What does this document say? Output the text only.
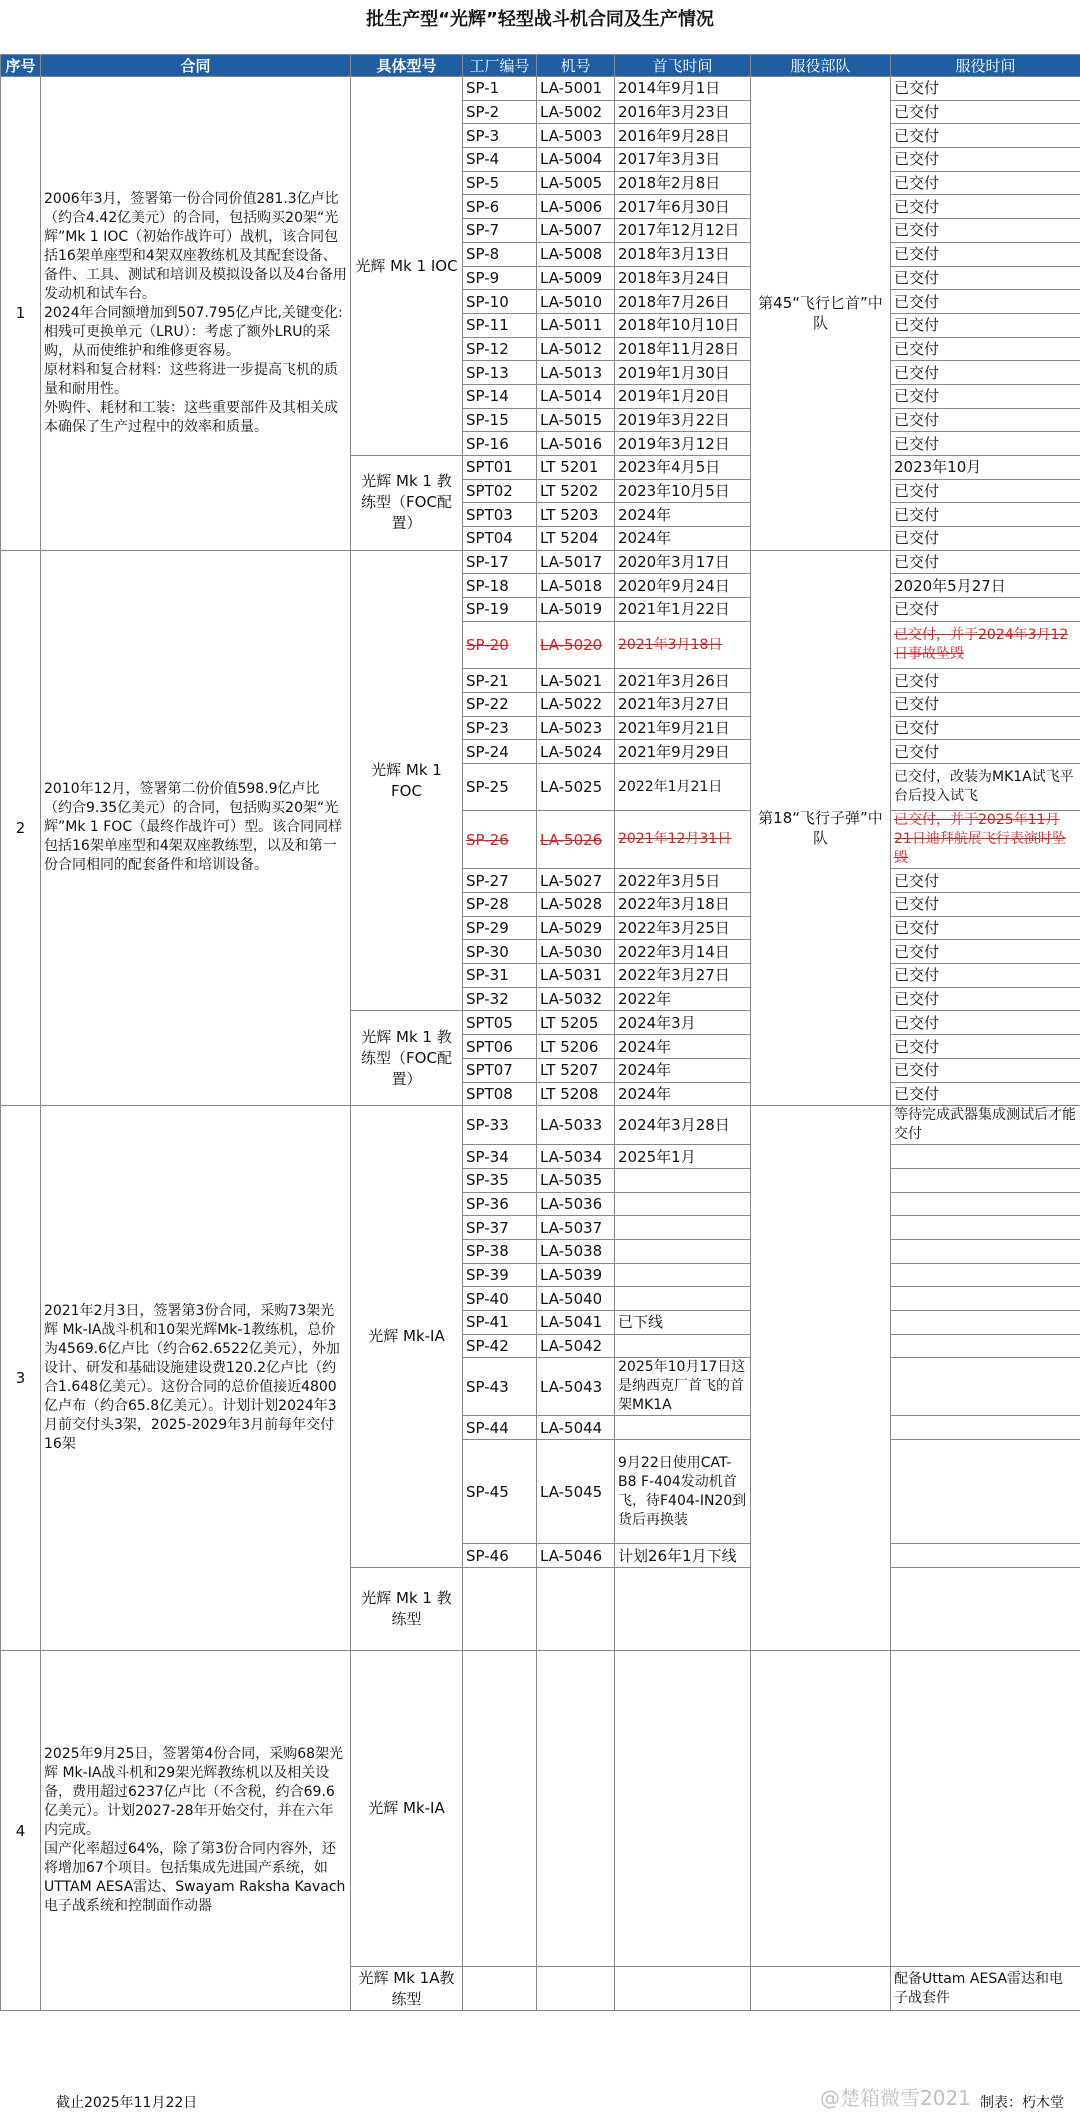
批生产型“光辉”轻型战斗机合同及生产情况
序号	合同	具体型号	工厂编号	机号	首飞时间	服役部队	服役时间
1	2006年3月，签署第一份合同价值281.3亿卢比（约合4.42亿美元）的合同，包括购买20架“光辉”Mk 1 IOC（初始作战许可）战机，该合同包括16架单座型和4架双座教练机及其配套设备、备件、工具、测试和培训及模拟设备以及4台备用发动机和试车台。
2024年合同额增加到507.795亿卢比,关键变化:
相残可更换单元（LRU）：考虑了额外LRU的采购，从而使维护和维修更容易。
原材料和复合材料：这些将进一步提高飞机的质量和耐用性。
外购件、耗材和工装：这些重要部件及其相关成本确保了生产过程中的效率和质量。	光辉 Mk 1 IOC	SP-1	LA-5001	2014年9月1日	第45“飞行匕首”中队	已交付
			SP-2	LA-5002	2016年3月23日		已交付
			SP-3	LA-5003	2016年9月28日		已交付
			SP-4	LA-5004	2017年3月3日		已交付
			SP-5	LA-5005	2018年2月8日		已交付
			SP-6	LA-5006	2017年6月30日		已交付
			SP-7	LA-5007	2017年12月12日		已交付
			SP-8	LA-5008	2018年3月13日		已交付
			SP-9	LA-5009	2018年3月24日		已交付
			SP-10	LA-5010	2018年7月26日		已交付
			SP-11	LA-5011	2018年10月10日		已交付
			SP-12	LA-5012	2018年11月28日		已交付
			SP-13	LA-5013	2019年1月30日		已交付
			SP-14	LA-5014	2019年1月20日		已交付
			SP-15	LA-5015	2019年3月22日		已交付
			SP-16	LA-5016	2019年3月12日		已交付
		光辉 Mk 1 教练型（FOC配置）	SPT01	LT 5201	2023年4月5日		2023年10月
			SPT02	LT 5202	2023年10月5日		已交付
			SPT03	LT 5203	2024年		已交付
			SPT04	LT 5204	2024年		已交付
2	2010年12月，签署第二份价值598.9亿卢比（约合9.35亿美元）的合同，包括购买20架“光辉”Mk 1 FOC（最终作战许可）型。该合同同样包括16架单座型和4架双座教练型，以及和第一份合同相同的配套备件和培训设备。	光辉 Mk 1 FOC	SP-17	LA-5017	2020年3月17日	第18“飞行子弹”中队	已交付
			SP-18	LA-5018	2020年9月24日		2020年5月27日
			SP-19	LA-5019	2021年1月22日		已交付
			SP-20	LA-5020	2021年3月18日		已交付，并于2024年3月12日事故坠毁
			SP-21	LA-5021	2021年3月26日		已交付
			SP-22	LA-5022	2021年3月27日		已交付
			SP-23	LA-5023	2021年9月21日		已交付
			SP-24	LA-5024	2021年9月29日		已交付
			SP-25	LA-5025	2022年1月21日		已交付，改装为MK1A试飞平台后投入试飞
			SP-26	LA-5026	2021年12月31日		已交付，并于2025年11月21日迪拜航展飞行表演时坠毁
			SP-27	LA-5027	2022年3月5日		已交付
			SP-28	LA-5028	2022年3月18日		已交付
			SP-29	LA-5029	2022年3月25日		已交付
			SP-30	LA-5030	2022年3月14日		已交付
			SP-31	LA-5031	2022年3月27日		已交付
			SP-32	LA-5032	2022年		已交付
		光辉 Mk 1 教练型（FOC配置）	SPT05	LT 5205	2024年3月		已交付
			SPT06	LT 5206	2024年		已交付
			SPT07	LT 5207	2024年		已交付
			SPT08	LT 5208	2024年		已交付
3	2021年2月3日，签署第3份合同，采购73架光辉 Mk-IA战斗机和10架光辉Mk-1教练机，总价为4569.6亿卢比（约合62.6522亿美元），外加设计、研发和基础设施建设费120.2亿卢比（约合1.648亿美元）。这份合同的总价值接近4800亿卢布（约合65.8亿美元）。计划计划2024年3月前交付头3架，2025-2029年3月前每年交付16架	光辉 Mk-IA	SP-33	LA-5033	2024年3月28日		等待完成武器集成测试后才能交付
			SP-34	LA-5034	2025年1月		
			SP-35	LA-5035			
			SP-36	LA-5036			
			SP-37	LA-5037			
			SP-38	LA-5038			
			SP-39	LA-5039			
			SP-40	LA-5040			
			SP-41	LA-5041	已下线		
			SP-42	LA-5042			
			SP-43	LA-5043	2025年10月17日这是纳西克厂首飞的首架MK1A		
			SP-44	LA-5044			
			SP-45	LA-5045	9月22日使用CAT-B8 F-404发动机首飞，待F404-IN20到货后再换装		
			SP-46	LA-5046	计划26年1月下线		
		光辉 Mk 1 教练型					
4	2025年9月25日，签署第4份合同，采购68架光辉 Mk-IA战斗机和29架光辉教练机以及相关设备，费用超过6237亿卢比（不含税，约合69.6亿美元）。计划2027-28年开始交付，并在六年内完成。
国产化率超过64%，除了第3份合同内容外，还将增加67个项目。包括集成先进国产系统，如UTTAM AESA雷达、Swayam Raksha Kavach电子战系统和控制面作动器	光辉 Mk-IA					
		光辉 Mk 1A教练型					配备Uttam AESA雷达和电子战套件
截止2025年11月22日	@楚箱微雪2021 制表：朽木堂
